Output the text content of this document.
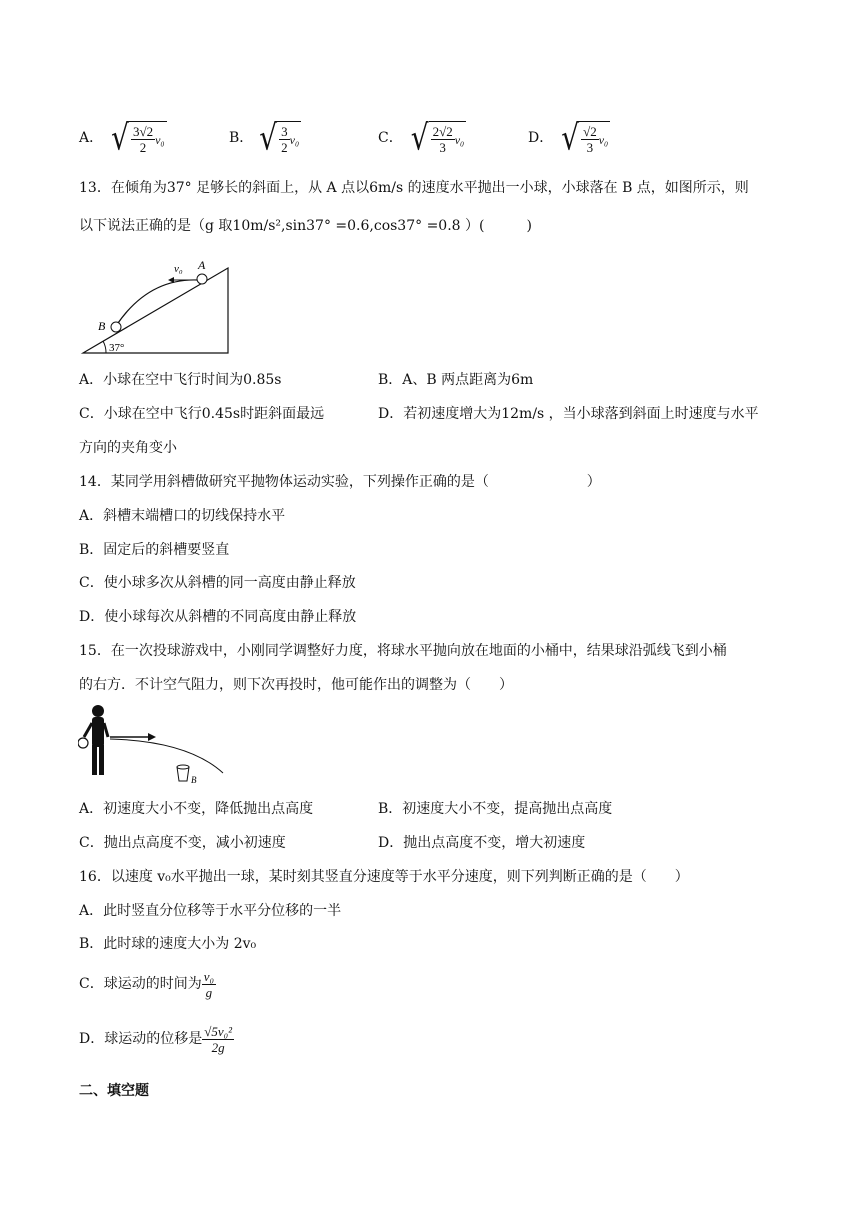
A． √ $\frac{3√2}{2} v_0$	B． √ $\frac{3}{2} v_0$	C． √ $\frac{2√2}{3} v_0$	D． √ $\frac{√2}{3} v_0$
13．在倾角为37° 足够长的斜面上，从 A 点以6m/s 的速度水平抛出一小球，小球落在 B 点，如图所示，则
以下说法正确的是（g 取10m/s²,sin37° =0.6,cos37° =0.8 ）(　　　)
v₀ A
B
37°
A．小球在空中飞行时间为0.85s	B．A、B 两点距离为6m
C．小球在空中飞行0.45s时距斜面最远	D．若初速度增大为12m/s ，当小球落到斜面上时速度与水平
方向的夹角变小
14．某同学用斜槽做研究平抛物体运动实验，下列操作正确的是（　　　　　　　）
A．斜槽末端槽口的切线保持水平
B．固定后的斜槽要竖直
C．使小球多次从斜槽的同一高度由静止释放
D．使小球每次从斜槽的不同高度由静止释放
15．在一次投球游戏中，小刚同学调整好力度，将球水平抛向放在地面的小桶中，结果球沿弧线飞到小桶
的右方．不计空气阻力，则下次再投时，他可能作出的调整为（　　）
B
A．初速度大小不变，降低抛出点高度	B．初速度大小不变，提高抛出点高度
C．抛出点高度不变，减小初速度	D．抛出点高度不变，增大初速度
16．以速度 v₀水平抛出一球，某时刻其竖直分速度等于水平分速度，则下列判断正确的是（　　）
A．此时竖直分位移等于水平分位移的一半
B．此时球的速度大小为 2v₀
C．球运动的时间为 $\frac{\text{v₀}}{g}$
D．球运动的位移是 $\frac{\text{√5v₀²}}{2g}$
二、填空题
